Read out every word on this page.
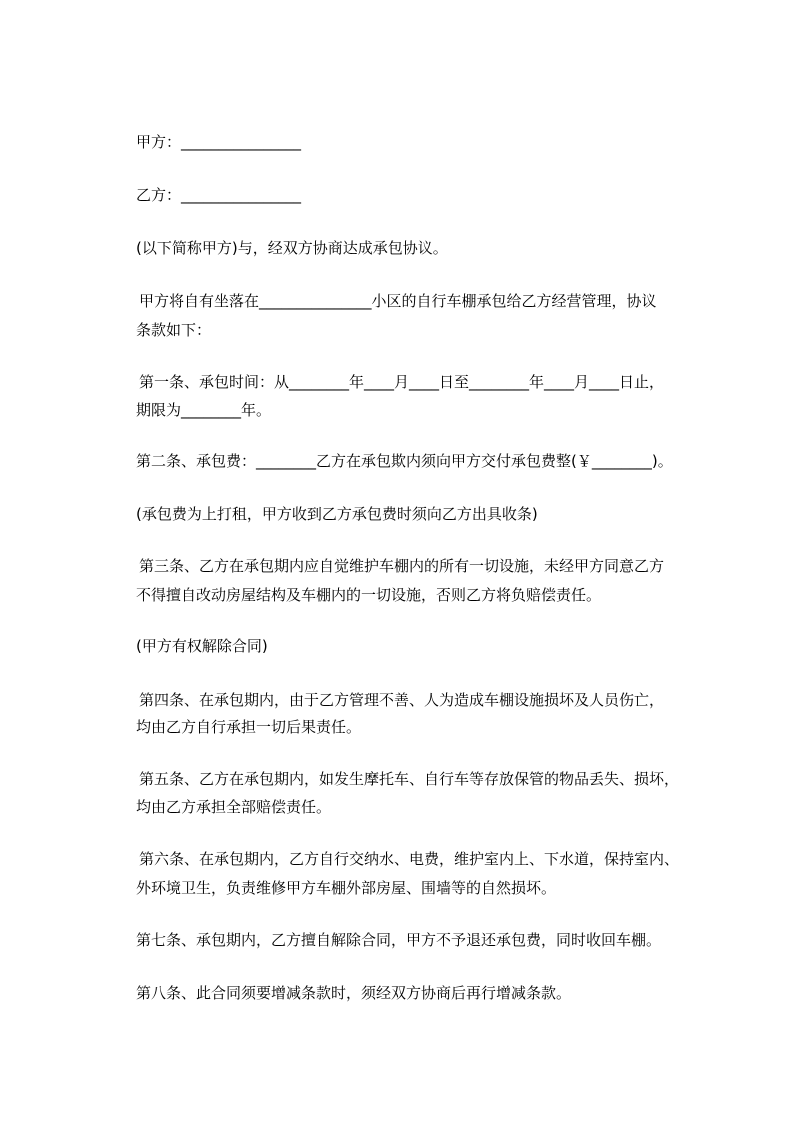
甲方：________________
乙方：________________
(以下简称甲方)与，经双方协商达成承包协议。
甲方将自有坐落在_______________小区的自行车棚承包给乙方经营管理，协议
条款如下：
第一条、承包时间：从________年____月____日至________年____月____日止，
期限为________年。
第二条、承包费：________乙方在承包欺内须向甲方交付承包费整(￥________)。
(承包费为上打租，甲方收到乙方承包费时须向乙方出具收条)
第三条、乙方在承包期内应自觉维护车棚内的所有一切设施，未经甲方同意乙方
不得擅自改动房屋结构及车棚内的一切设施，否则乙方将负赔偿责任。
(甲方有权解除合同)
第四条、在承包期内，由于乙方管理不善、人为造成车棚设施损坏及人员伤亡，
均由乙方自行承担一切后果责任。
第五条、乙方在承包期内，如发生摩托车、自行车等存放保管的物品丢失、损坏，
均由乙方承担全部赔偿责任。
第六条、在承包期内，乙方自行交纳水、电费，维护室内上、下水道，保持室内、
外环境卫生，负责维修甲方车棚外部房屋、围墙等的自然损坏。
第七条、承包期内，乙方擅自解除合同，甲方不予退还承包费，同时收回车棚。
第八条、此合同须要增减条款时，须经双方协商后再行增减条款。
